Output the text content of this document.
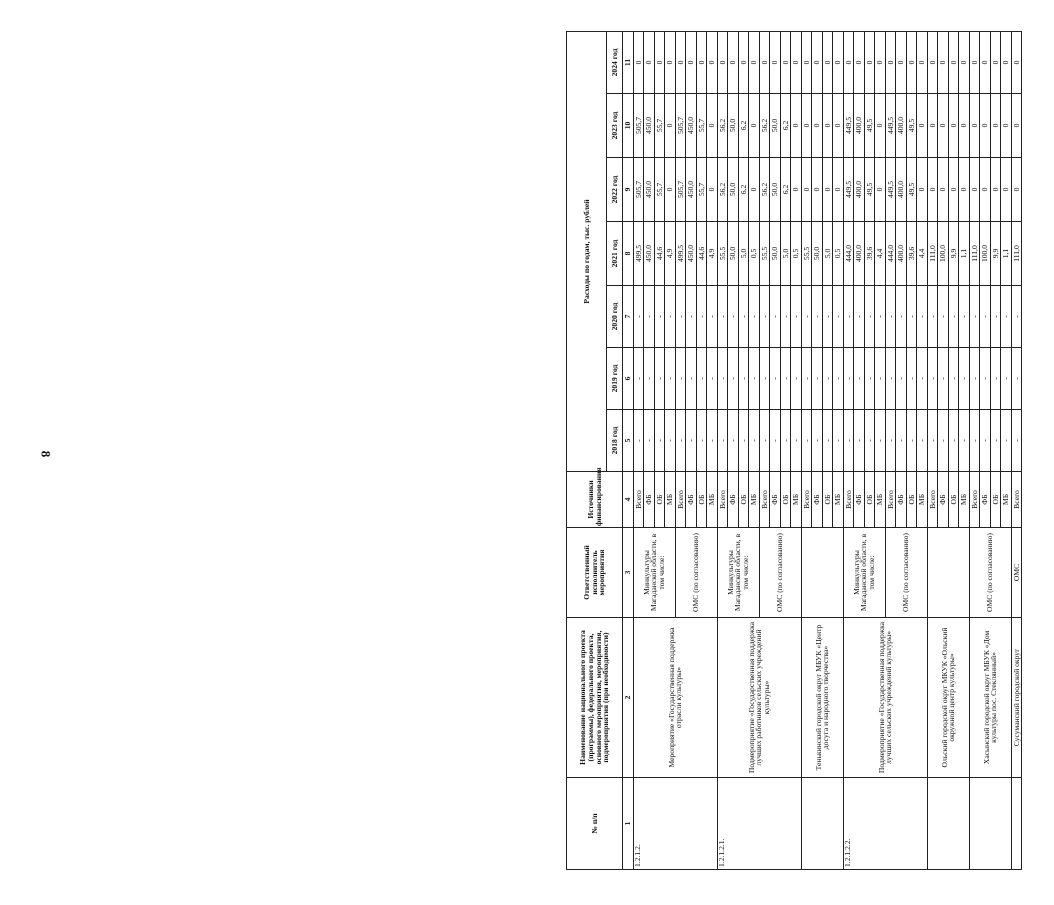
8
№ п/п	Наименование национального проекта (программы), федерального проекта, основного мероприятия, мероприятия, подмероприятия (при необходимости)	Ответственный исполнитель мероприятия	Источники финансирования	Расходы по годам, тыс. рублей						
				2018 год	2019 год	2020 год	2021 год	2022 год	2023 год	2024 год
1	2	3	4	5	6	7	8	9	10	11
1.2.1.2.	Мероприятие «Государственная поддержка отрасли культуры»	Минкультуры Магаданской области, в том числе:	Всего	-	-	-	499,5	505,7	505,7	0
			ФБ	-	-	-	450,0	450,0	450,0	0
			ОБ	-	-	-	44,6	55,7	55,7	0
			МБ	-	-	-	4,9	0	0	0
		ОМС (по согласованию)	Всего	-	-	-	499,5	505,7	505,7	0
			ФБ	-	-	-	450,0	450,0	450,0	0
			ОБ	-	-	-	44,6	55,7	55,7	0
			МБ	-	-	-	4,9	0	0	0
1.2.1.2.1.	Подмероприятие «Государственная поддержка лучших работников сельских учреждений культуры»	Минкультуры Магаданской области, в том числе:	Всего	-	-	-	55,5	56,2	56,2	0
			ФБ	-	-	-	50,0	50,0	50,0	0
			ОБ	-	-	-	5,0	6,2	6,2	0
			МБ	-	-	-	0,5	0	0	0
		ОМС (по согласованию)	Всего	-	-	-	55,5	56,2	56,2	0
			ФБ	-	-	-	50,0	50,0	50,0	0
			ОБ	-	-	-	5,0	6,2	6,2	0
			МБ	-	-	-	0,5	0	0	0
	Тенькинский городской округ МБУК «Центр досуга и народного творчества»		Всего	-	-	-	55,5	0	0	0
			ФБ	-	-	-	50,0	0	0	0
			ОБ	-	-	-	5,0	0	0	0
			МБ	-	-	-	0,5	0	0	0
1.2.1.2.2.	Подмероприятие «Государственная поддержка лучших сельских учреждений культуры»	Минкультуры Магаданской области, в том числе:	Всего	-	-	-	444,0	449,5	449,5	0
			ФБ	-	-	-	400,0	400,0	400,0	0
			ОБ	-	-	-	39,6	49,5	49,5	0
			МБ	-	-	-	4,4	0	0	0
		ОМС (по согласованию)	Всего	-	-	-	444,0	449,5	449,5	0
			ФБ	-	-	-	400,0	400,0	400,0	0
			ОБ	-	-	-	39,6	49,5	49,5	0
			МБ	-	-	-	4,4	0	0	0
	Ольский городской округ МКУК «Ольский окружной центр культуры»		Всего	-	-	-	111,0	0	0	0
			ФБ	-	-	-	100,0	0	0	0
			ОБ	-	-	-	9,9	0	0	0
			МБ	-	-	-	1,1	0	0	0
	Хасынский городской округ МБУК «Дом культуры пос. Стеклянный»	ОМС (по согласованию)	Всего	-	-	-	111,0	0	0	0
			ФБ	-	-	-	100,0	0	0	0
			ОБ	-	-	-	9,9	0	0	0
			МБ	-	-	-	1,1	0	0	0
	Сусуманский городской округ	ОМС	Всего	-	-	-	111,0	0	0	0
